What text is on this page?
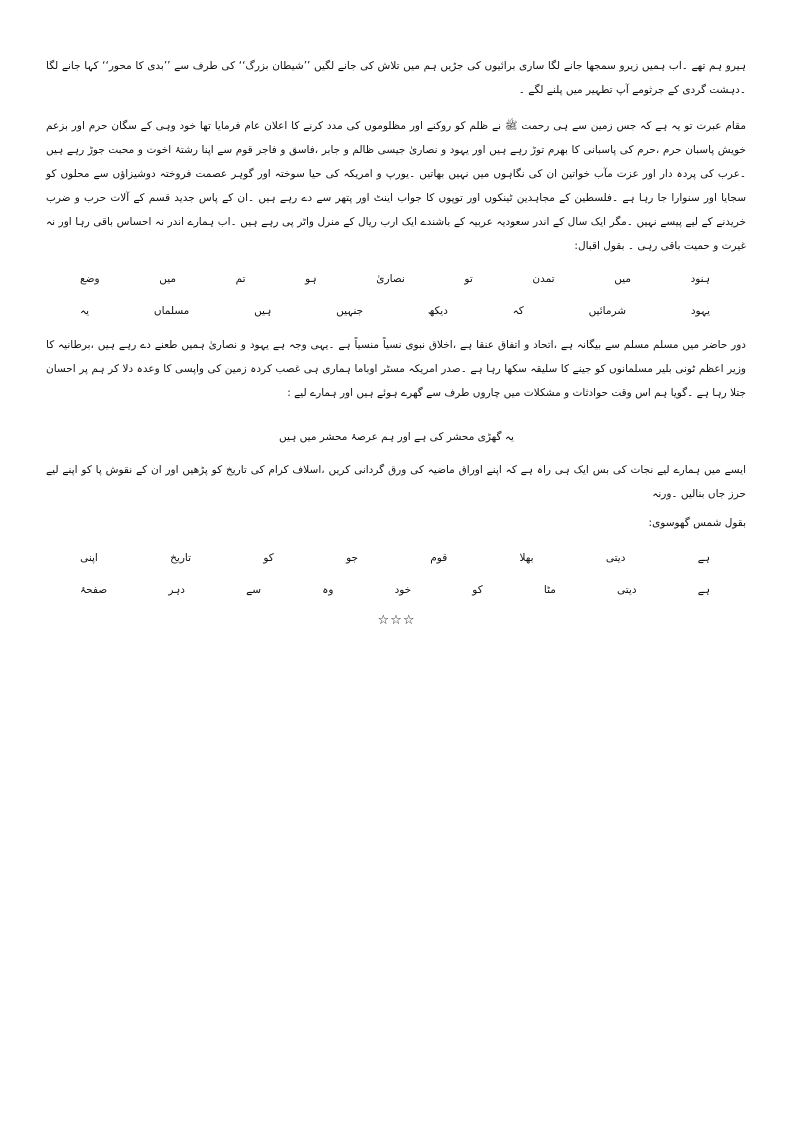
ہیرو ہم تھے ۔اب ہمیں زیرو سمجھا جانے لگا ساری برائیوں کی جڑیں ہم میں تلاش کی جانے لگیں ’’شیطان بزرگ‘‘ کی طرف سے ’’بدی کا محور‘‘ کہا جانے لگا ۔دہشت گردی کے جرثومے آپ تطہیر میں پلنے لگے ۔

مقام عبرت تو یہ ہے کہ جس زمین سے ہی رحمت ﷺ نے ظلم کو روکنے اور مظلوموں کی مدد کرنے کا اعلان عام فرمایا تھا خود وہی کے سگان حرم اور بزعم خویش پاسبان حرم ،حرم کی پاسبانی کا بھرم توڑ رہے ہیں اور یہود و نصاریٰ جیسی ظالم و جابر ،فاسق و فاجر قوم سے اپنا رشتۂ اخوت و محبت جوڑ رہے ہیں ۔عرب کی پردہ دار اور عزت مآب خواتین ان کی نگاہوں میں نہیں بھاتیں ۔یورپ و امریکہ کی حیا سوختہ اور گوہر عصمت فروختہ دوشیزاؤں سے محلوں کو سجایا اور سنوارا جا رہا ہے ۔فلسطین کے مجاہدین ٹینکوں اور توپوں کا جواب اینٹ اور پتھر سے دے رہے ہیں ۔ان کے پاس جدید قسم کے آلات حرب و ضرب خریدنے کے لیے پیسے نہیں ۔مگر ایک سال کے اندر سعودیہ عربیہ کے باشندے ایک ارب ریال کے منرل واٹر پی رہے ہیں ۔اب ہمارے اندر نہ احساس باقی رہا اور نہ غیرت و حمیت باقی رہی ۔ بقول اقبال:

وضع	میں	تم	ہو	نصاریٰ	تو	تمدن	میں	ہنود
یہ	مسلماں	ہیں	جنہیں	دیکھ	کہ	شرمائیں	یہود

دور حاضر میں مسلم مسلم سے بیگانہ ہے ،اتحاد و اتفاق عنقا ہے ،اخلاق نبوی نسیاً منسیاً ہے ۔یہی وجہ ہے یہود و نصاریٰ ہمیں طعنے دے رہے ہیں ،برطانیہ کا وزیر اعظم ٹونی بلیر مسلمانوں کو جینے کا سلیقہ سکھا رہا ہے ۔صدر امریکہ مسٹر اوباما ہماری ہی غصب کردہ زمین کی واپسی کا وعدہ دلا کر ہم پر احسان جتلا رہا ہے ۔گویا ہم اس وقت حوادثات و مشکلات میں چاروں طرف سے گھرے ہوئے ہیں اور ہمارے لیے :

یہ گھڑی محشر کی ہے اور ہم عرصۂ محشر میں ہیں

ایسے میں ہمارے لیے نجات کی بس ایک ہی راہ ہے کہ اپنے اوراق ماضیہ کی ورق گردانی کریں ،اسلاف کرام کی تاریخ کو پڑھیں اور ان کے نقوش پا کو اپنے لیے حرز جاں بنالیں ۔ورنہ

بقول شمس گھوسوی:
اپنی	تاریخ	کو	جو	قوم	بھلا	دیتی	ہے
صفحۂ	دہر	سے	وہ	خود	کو	مٹا	دیتی	ہے
☆☆☆
